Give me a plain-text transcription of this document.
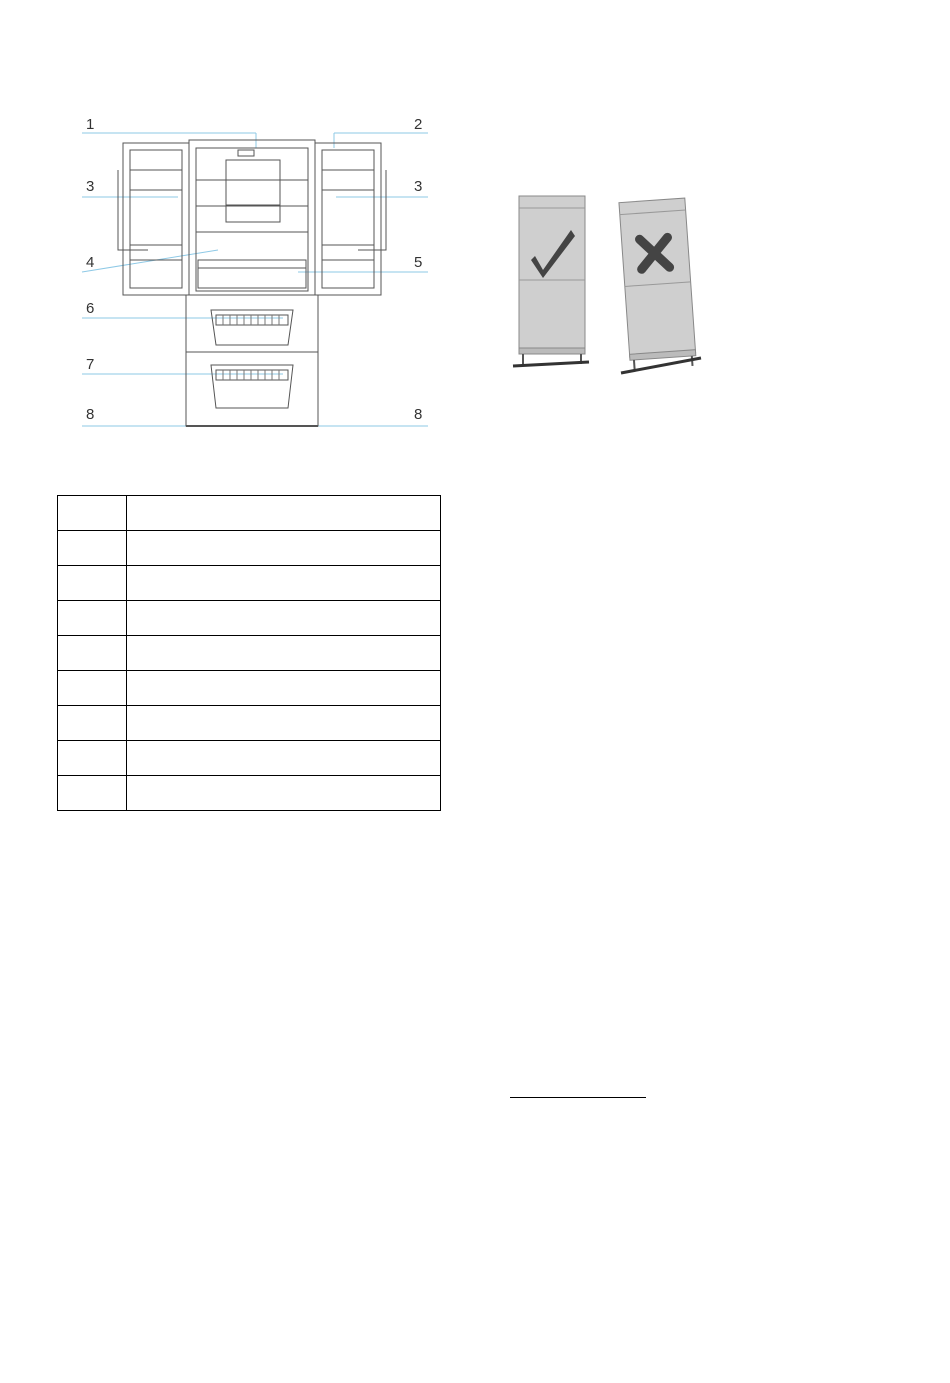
1	2
3	3
4	5
6
7
8	8
